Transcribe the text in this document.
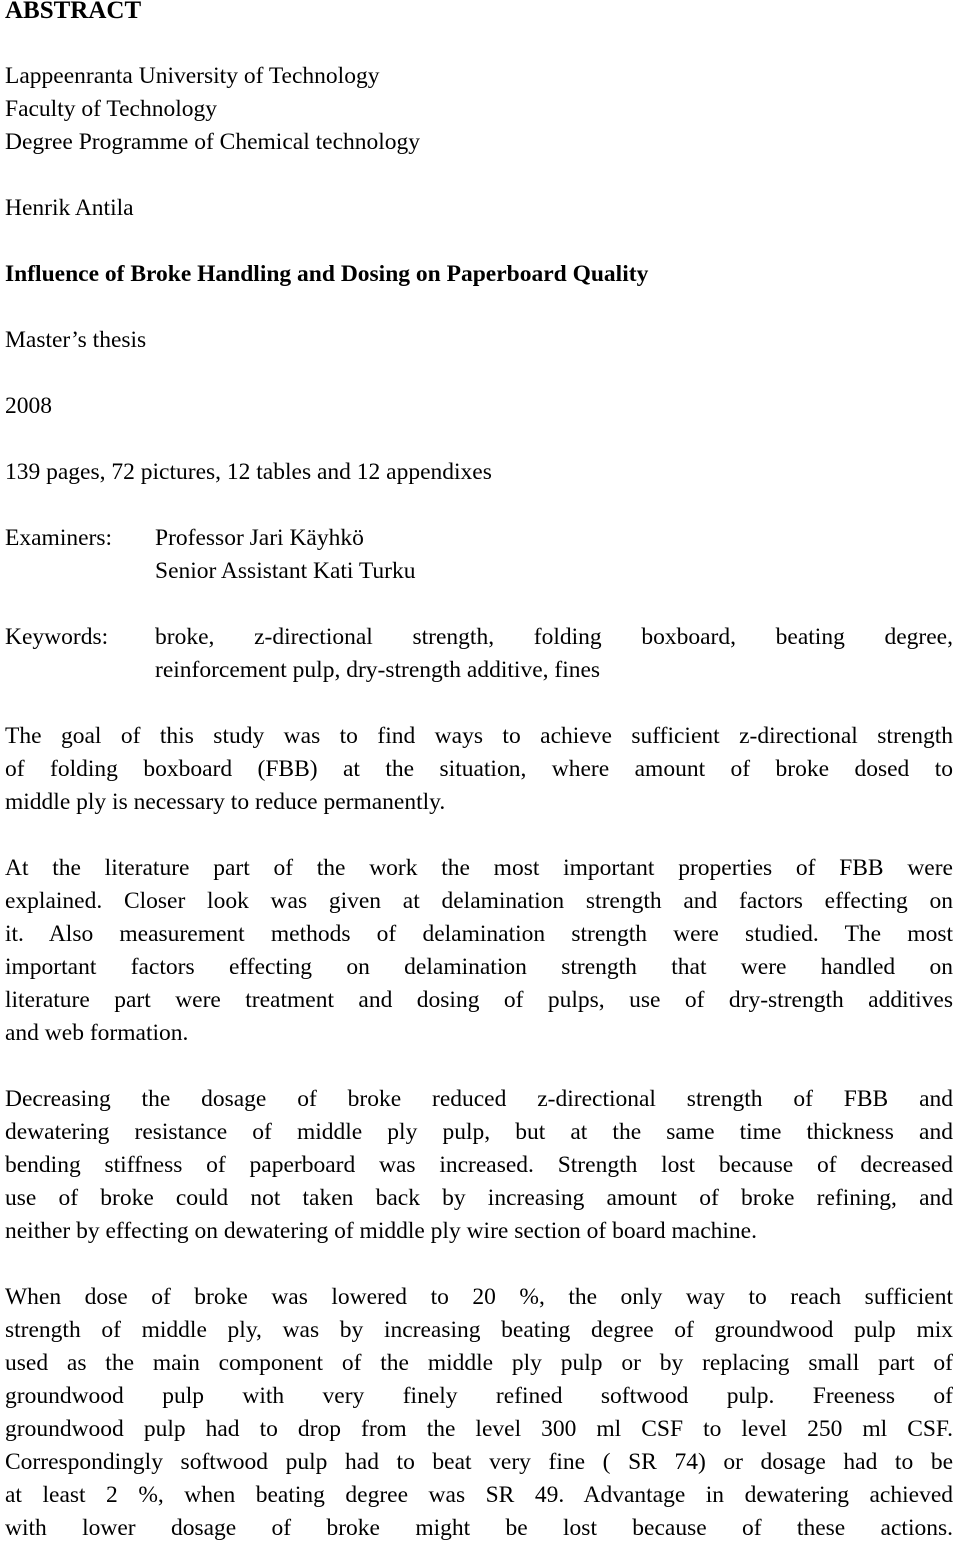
ABSTRACT
Lappeenranta University of Technology
Faculty of Technology
Degree Programme of Chemical technology
Henrik Antila
Influence of Broke Handling and Dosing on Paperboard Quality
Master’s thesis
2008
139 pages, 72 pictures, 12 tables and 12 appendixes
Examiners: Professor Jari Käyhkö
Senior Assistant Kati Turku
Keywords: broke, z-directional strength, folding boxboard, beating degree,
reinforcement pulp, dry-strength additive, fines
The goal of this study was to find ways to achieve sufficient z-directional strength
of folding boxboard (FBB) at the situation, where amount of broke dosed to
middle ply is necessary to reduce permanently.
At the literature part of the work the most important properties of FBB were
explained. Closer look was given at delamination strength and factors effecting on
it. Also measurement methods of delamination strength were studied. The most
important factors effecting on delamination strength that were handled on
literature part were treatment and dosing of pulps, use of dry-strength additives
and web formation.
Decreasing the dosage of broke reduced z-directional strength of FBB and
dewatering resistance of middle ply pulp, but at the same time thickness and
bending stiffness of paperboard was increased. Strength lost because of decreased
use of broke could not taken back by increasing amount of broke refining, and
neither by effecting on dewatering of middle ply wire section of board machine.
When dose of broke was lowered to 20 %, the only way to reach sufficient
strength of middle ply, was by increasing beating degree of groundwood pulp mix
used as the main component of the middle ply pulp or by replacing small part of
groundwood pulp with very finely refined softwood pulp. Freeness of
groundwood pulp had to drop from the level 300 ml CSF to level 250 ml CSF.
Correspondingly softwood pulp had to beat very fine ( SR 74) or dosage had to be
at least 2 %, when beating degree was SR 49. Advantage in dewatering achieved
with lower dosage of broke might be lost because of these actions.
